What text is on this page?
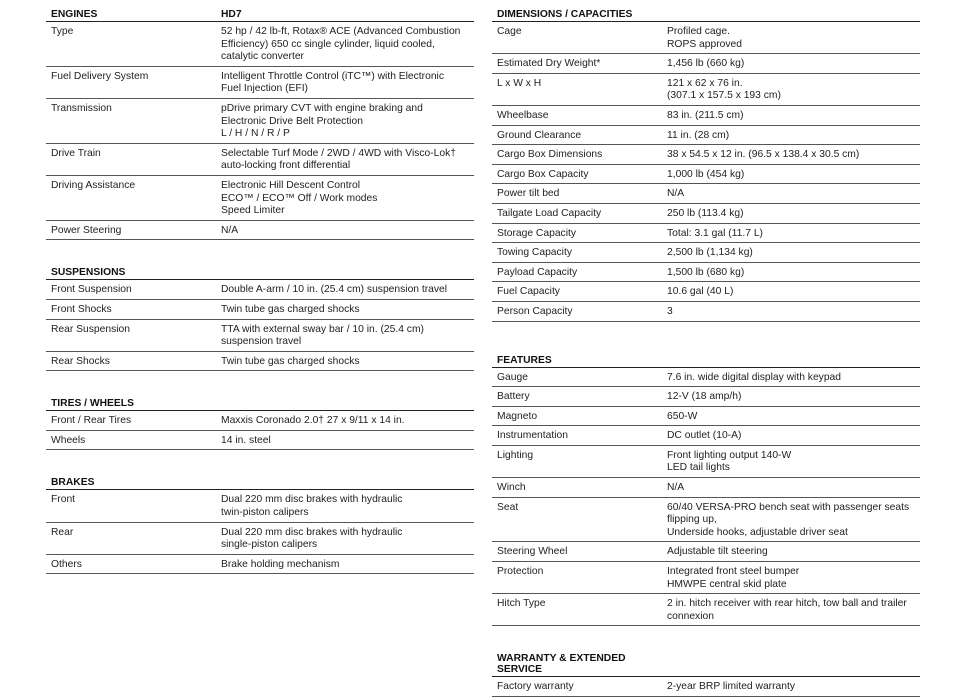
ENGINES	HD7
Type	52 hp / 42 lb-ft, Rotax® ACE (Advanced Combustion
Efficiency) 650 cc single cylinder, liquid cooled,
catalytic converter
Fuel Delivery System	Intelligent Throttle Control (iTC™) with Electronic
Fuel Injection (EFI)
Transmission	pDrive primary CVT with engine braking and
Electronic Drive Belt Protection
L / H / N / R / P
Drive Train	Selectable Turf Mode / 2WD / 4WD with Visco-Lok†
auto-locking front differential
Driving Assistance	Electronic Hill Descent Control
ECO™ / ECO™ Off / Work modes
Speed Limiter
Power Steering	N/A
SUSPENSIONS
Front Suspension	Double A-arm / 10 in. (25.4 cm) suspension travel
Front Shocks	Twin tube gas charged shocks
Rear Suspension	TTA with external sway bar / 10 in. (25.4 cm)
suspension travel
Rear Shocks	Twin tube gas charged shocks
TIRES / WHEELS
Front / Rear Tires	Maxxis Coronado 2.0† 27 x 9/11 x 14 in.
Wheels	14 in. steel
BRAKES
Front	Dual 220 mm disc brakes with hydraulic
twin-piston calipers
Rear	Dual 220 mm disc brakes with hydraulic
single-piston calipers
Others	Brake holding mechanism
DIMENSIONS / CAPACITIES
Cage	Profiled cage.
ROPS approved
Estimated Dry Weight*	1,456 lb (660 kg)
L x W x H	121 x 62 x 76 in.
(307.1 x 157.5 x 193 cm)
Wheelbase	83 in. (211.5 cm)
Ground Clearance	11 in. (28 cm)
Cargo Box Dimensions	38 x 54.5 x 12 in. (96.5 x 138.4 x 30.5 cm)
Cargo Box Capacity	1,000 lb (454 kg)
Power tilt bed	N/A
Tailgate Load Capacity	250 lb (113.4 kg)
Storage Capacity	Total: 3.1 gal (11.7 L)
Towing Capacity	2,500 lb (1,134 kg)
Payload Capacity	1,500 lb (680 kg)
Fuel Capacity	10.6 gal (40 L)
Person Capacity	3
FEATURES
Gauge	7.6 in. wide digital display with keypad
Battery	12-V (18 amp/h)
Magneto	650-W
Instrumentation	DC outlet (10-A)
Lighting	Front lighting output 140-W
LED tail lights
Winch	N/A
Seat	60/40 VERSA-PRO bench seat with passenger seats
flipping up,
Underside hooks, adjustable driver seat
Steering Wheel	Adjustable tilt steering
Protection	Integrated front steel bumper
HMWPE central skid plate
Hitch Type	2 in. hitch receiver with rear hitch, tow ball and trailer
connexion
WARRANTY & EXTENDED SERVICE
Factory warranty	2-year BRP limited warranty
